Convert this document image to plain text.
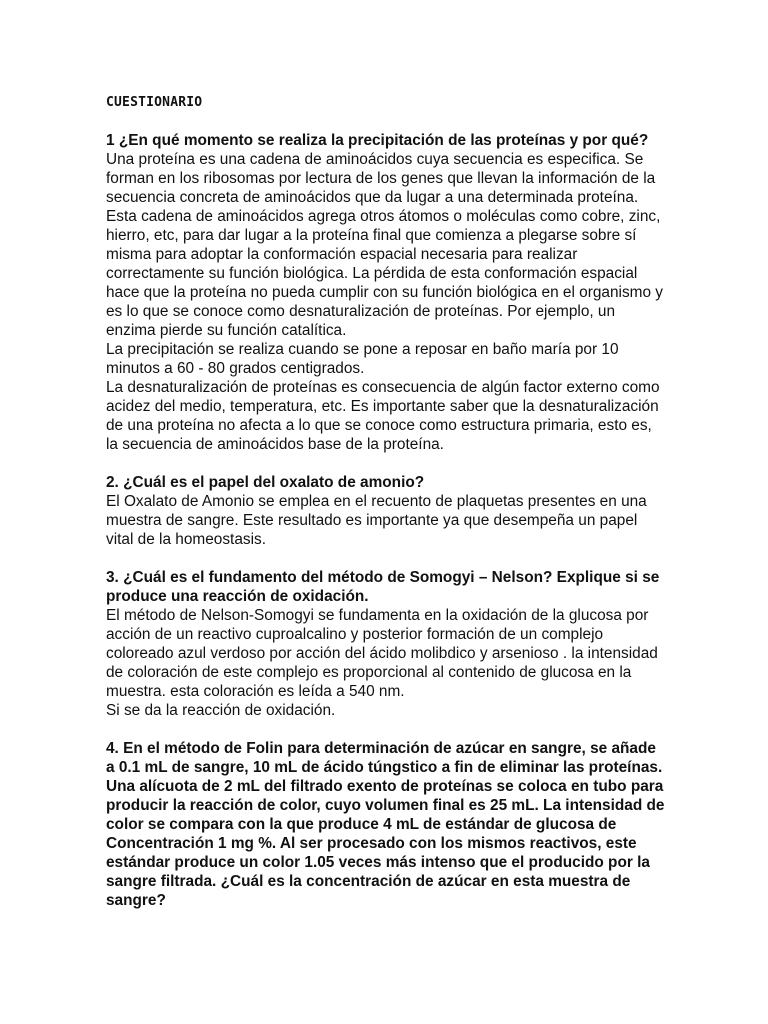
CUESTIONARIO

1 ¿En qué momento se realiza la precipitación de las proteínas y por qué?

Una proteína es una cadena de aminoácidos cuya secuencia es especifica. Se forman en los ribosomas por lectura de los genes que llevan la información de la secuencia concreta de aminoácidos que da lugar a una determinada proteína. Esta cadena de aminoácidos agrega otros átomos o moléculas como cobre, zinc, hierro, etc, para dar lugar a la proteína final que comienza a plegarse sobre sí misma para adoptar la conformación espacial necesaria para realizar correctamente su función biológica. La pérdida de esta conformación espacial hace que la proteína no pueda cumplir con su función biológica en el organismo y es lo que se conoce como desnaturalización de proteínas. Por ejemplo, un enzima pierde su función catalítica.

La precipitación se realiza cuando se pone a reposar en baño maría por 10 minutos a 60 - 80 grados centigrados.

La desnaturalización de proteínas es consecuencia de algún factor externo como acidez del medio, temperatura, etc. Es importante saber que la desnaturalización de una proteína no afecta a lo que se conoce como estructura primaria, esto es, la secuencia de aminoácidos base de la proteína.

2. ¿Cuál es el papel del oxalato de amonio?

El Oxalato de Amonio se emplea en el recuento de plaquetas presentes en una muestra de sangre. Este resultado es importante ya que desempeña un papel vital de la homeostasis.

3. ¿Cuál es el fundamento del método de Somogyi – Nelson? Explique si se produce una reacción de oxidación.

El método de Nelson-Somogyi se fundamenta en la oxidación de la glucosa por acción de un reactivo cuproalcalino y posterior formación de un complejo coloreado azul verdoso por acción del ácido molibdico y arsenioso . la intensidad de coloración de este complejo es proporcional al contenido de glucosa en la muestra. esta coloración es leída a 540 nm.

Si se da la reacción de oxidación.

4. En el método de Folin para determinación de azúcar en sangre, se añade a 0.1 mL de sangre, 10 mL de ácido túngstico a fin de eliminar las proteínas. Una alícuota de 2 mL del filtrado exento de proteínas se coloca en tubo para producir la reacción de color, cuyo volumen final es 25 mL. La intensidad de color se compara con la que produce 4 mL de estándar de glucosa de Concentración 1 mg %. Al ser procesado con los mismos reactivos, este estándar produce un color 1.05 veces más intenso que el producido por la sangre filtrada. ¿Cuál es la concentración de azúcar en esta muestra de sangre?
